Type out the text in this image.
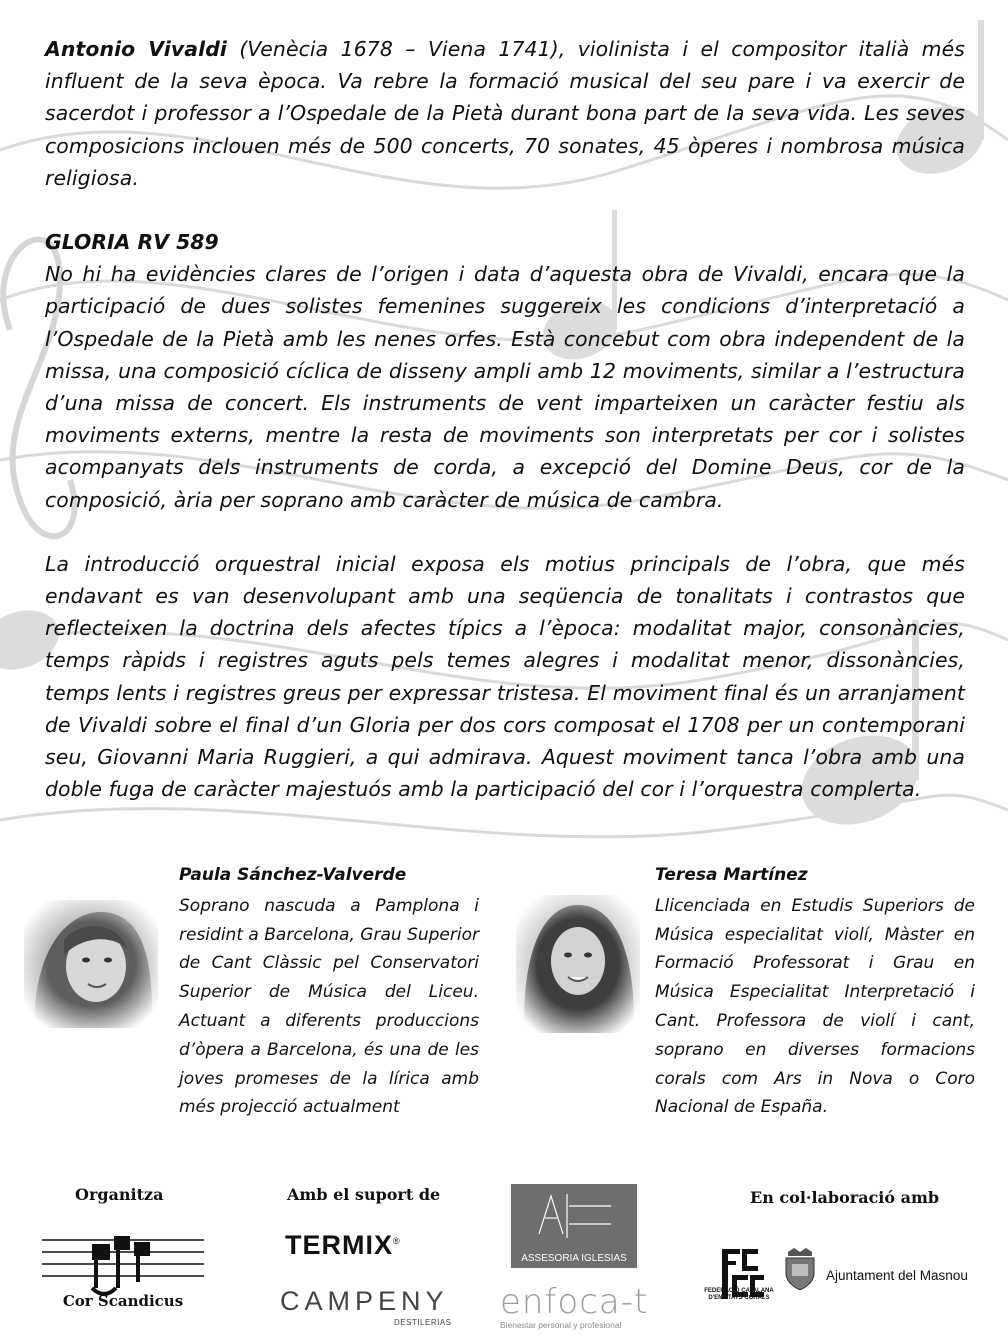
Antonio Vivaldi (Venècia 1678 – Viena 1741), violinista i el compositor italià més influent de la seva època. Va rebre la formació musical del seu pare i va exercir de sacerdot i professor a l’Ospedale de la Pietà durant bona part de la seva vida. Les seves composicions inclouen més de 500 concerts, 70 sonates, 45 òperes i nombrosa música religiosa.

GLORIA RV 589

No hi ha evidències clares de l’origen i data d’aquesta obra de Vivaldi, encara que la participació de dues solistes femenines suggereix les condicions d’interpretació a l’Ospedale de la Pietà amb les nenes orfes. Està concebut com obra independent de la missa, una composició cíclica de disseny ampli amb 12 moviments, similar a l’estructura d’una missa de concert. Els instruments de vent imparteixen un caràcter festiu als moviments externs, mentre la resta de moviments son interpretats per cor i solistes acompanyats dels instruments de corda, a excepció del Domine Deus, cor de la composició, ària per soprano amb caràcter de música de cambra.

La introducció orquestral inicial exposa els motius principals de l’obra, que més endavant es van desenvolupant amb una seqüencia de tonalitats i contrastos que reflecteixen la doctrina dels afectes típics a l’època: modalitat major, consonàncies, temps ràpids i registres aguts pels temes alegres i modalitat menor, dissonàncies, temps lents i registres greus per expressar tristesa. El moviment final és un arranjament de Vivaldi sobre el final d’un Gloria per dos cors composat el 1708 per un contemporani seu, Giovanni Maria Ruggieri, a qui admirava. Aquest moviment tanca l’obra amb una doble fuga de caràcter majestuós amb la participació del cor i l’orquestra complerta.

Paula Sánchez-Valverde
Soprano nascuda a Pamplona i residint a Barcelona, Grau Superior de Cant Clàssic pel Conservatori Superior de Música del Liceu. Actuant a diferents produccions d’òpera a Barcelona, és una de les joves promeses de la lírica amb més projecció actualment
Teresa Martínez
Llicenciada en Estudis Superiors de Música especialitat violí, Màster en Formació Professorat i Grau en Música Especialitat Interpretació i Cant. Professora de violí i cant, soprano en diverses formacions corals com Ars in Nova o Coro Nacional de España.
Organitza	Amb el suport de	En col·laboració amb
Cor Scandicus
TERMIX®
CAMPENY
DESTILERIAS
ASSESORIA IGLESIAS
enfoca-t
Bienestar personal y profesional
FEDERACIÓ CATALANA D'ENTITATS CORALS
Ajuntament del Masnou
